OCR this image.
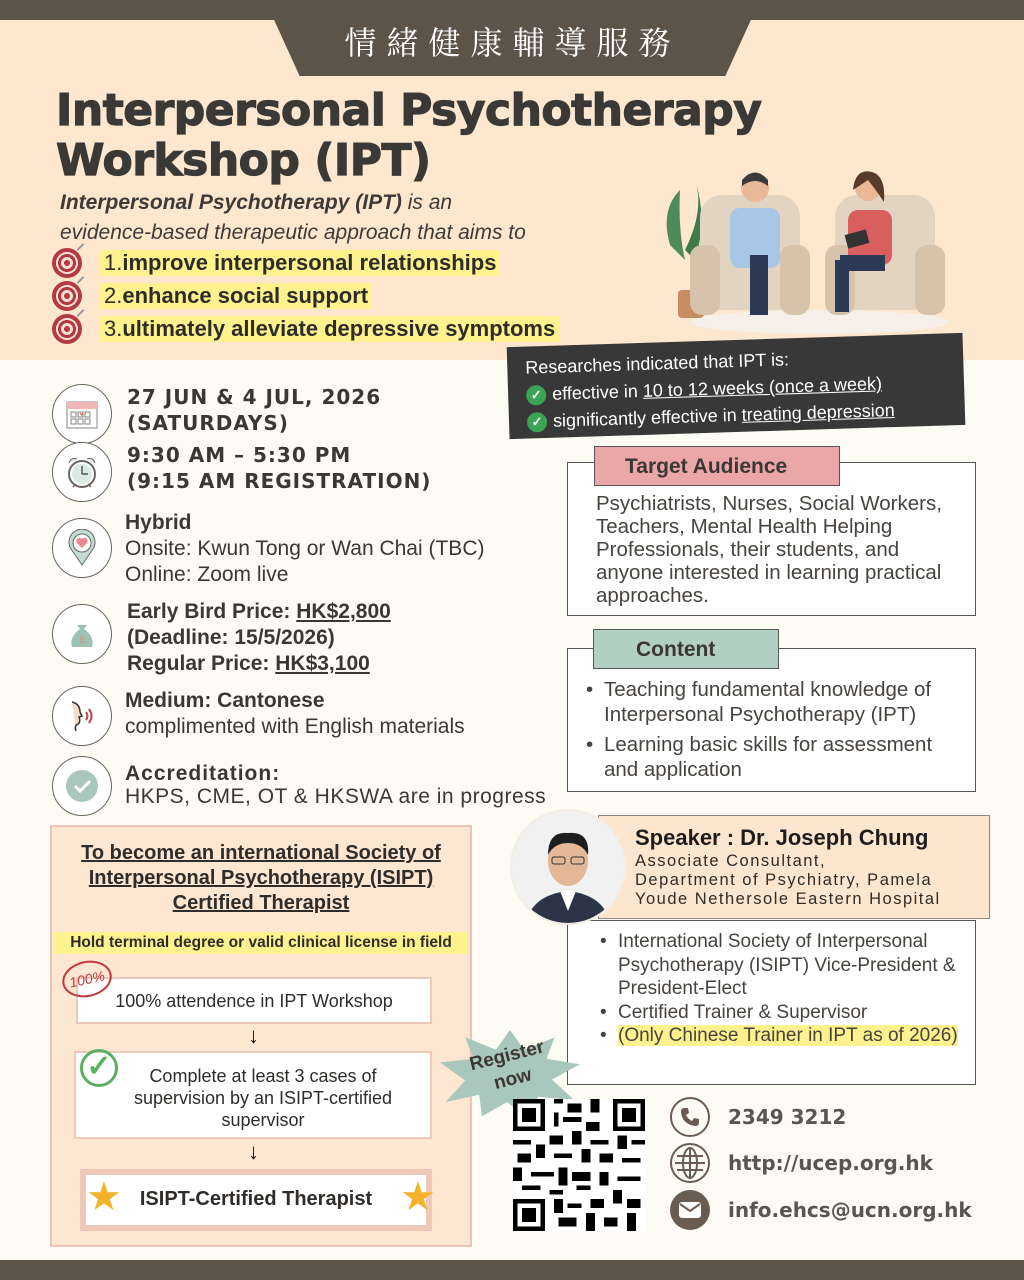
情緒健康輔導服務
Interpersonal Psychotherapy
Workshop (IPT)
Interpersonal Psychotherapy (IPT) is an
evidence-based therapeutic approach that aims to
1.improve interpersonal relationships
2.enhance social support
3.ultimately alleviate depressive symptoms
Researches indicated that IPT is:
✓ effective in
10 to 12 weeks (once a week)
✓ significantly effective in
treating depression
27 JUN & 4 JUL, 2026
(SATURDAYS)
9:30 AM – 5:30 PM
(9:15 AM REGISTRATION)
Hybrid
Onsite: Kwun Tong or Wan Chai (TBC)
Online: Zoom live
$
Early Bird Price: HK$2,800
(Deadline: 15/5/2026)
Regular Price: HK$3,100
Medium: Cantonese
complimented with English materials
Accreditation:
HKPS, CME, OT & HKSWA are in progress
Target Audience
Psychiatrists, Nurses, Social Workers, Teachers, Mental Health Helping Professionals, their students, and anyone interested in learning practical approaches.
Content
• Teaching fundamental knowledge of Interpersonal Psychotherapy (IPT)
• Learning basic skills for assessment and application
To become an international Society of Interpersonal Psychotherapy (ISIPT) Certified Therapist
Hold terminal degree or valid clinical license in field
100% attendence in IPT Workshop
100%
↓
Complete at least 3 cases of supervision by an ISIPT-certified supervisor
✓
↓
ISIPT-Certified Therapist
★	★
Speaker : Dr. Joseph Chung
Associate Consultant,
Department of Psychiatry, Pamela
Youde Nethersole Eastern Hospital
• International Society of Interpersonal Psychotherapy (ISIPT) Vice-President & President-Elect
• Certified Trainer & Supervisor
• (Only Chinese Trainer in IPT as of 2026)
Register now
2349 3212
http://ucep.org.hk
info.ehcs@ucn.org.hk
